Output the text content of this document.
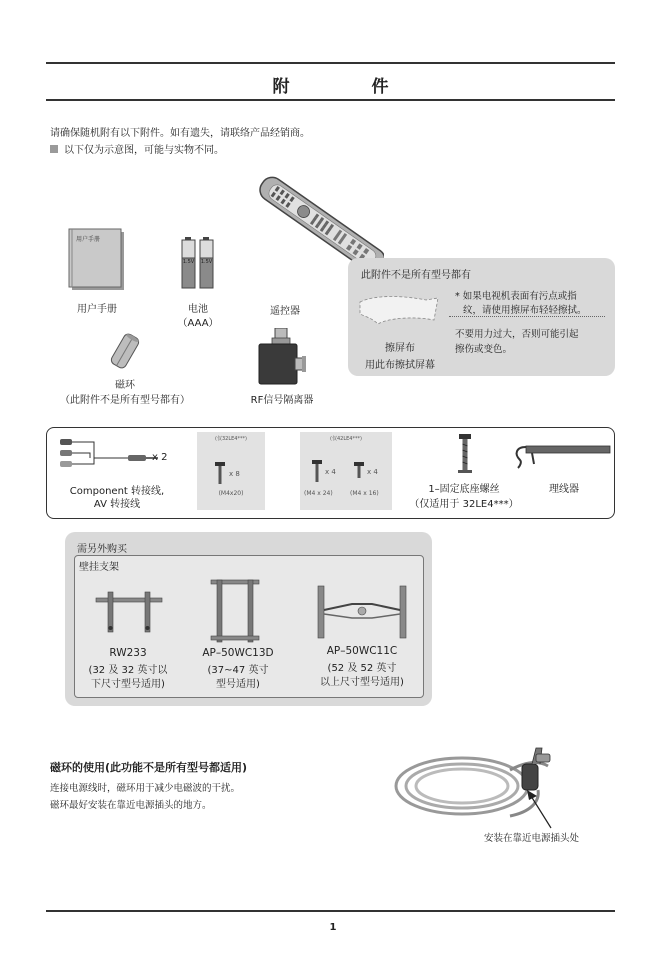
附 件
请确保随机附有以下附件。如有遗失，请联络产品经销商。
以下仅为示意图，可能与实物不同。
用户手册
用户手册
1.5V 1.5V
电池
（AAA）
遥控器
磁环
（此附件不是所有型号都有）	RF信号隔离器
此附件不是所有型号都有
擦屏布
用此布擦拭屏幕
* 如果电视机表面有污点或指
纹，请使用擦屏布轻轻擦拭。
不要用力过大，否则可能引起
擦伤或变色。
x 2
Component 转接线,
AV 转接线
(仅32LE4***)
x 8
(M4x20)
(仅42LE4***)
x 4	x 4
(M4 x 24)	(M4 x 16)	1–固定底座螺丝
（仅适用于 32LE4***）
理线器
需另外购买
壁挂支架
RW233
(32 及 32 英寸以
下尺寸型号适用)
AP–50WC13D
(37~47 英寸
型号适用)
AP–50WC11C
(52 及 52 英寸
以上尺寸型号适用)
磁环的使用(此功能不是所有型号都适用)
连接电源线时，磁环用于减少电磁波的干扰。
磁环最好安装在靠近电源插头的地方。
安装在靠近电源插头处
1
